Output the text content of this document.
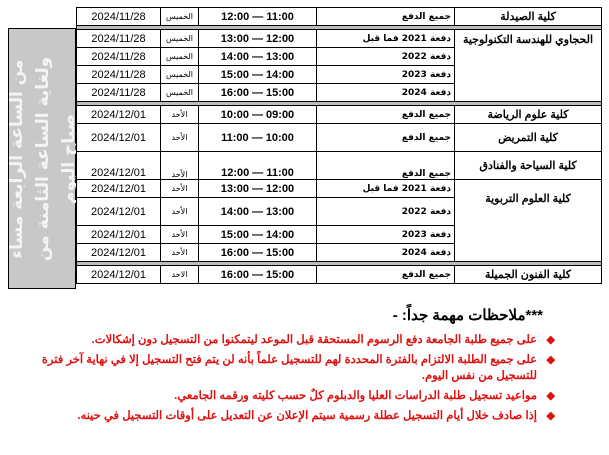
من الساعة الرابعة مساء ولغاية الساعة الثامنة من صباح اليوم
2024/11/28	الخميس	12:00 — 11:00	جميع الدفع	كلية الصيدلة

2024/11/28	الخميس	13:00 — 12:00	دفعة 2021 فما قبل	الحجاوي للهندسة التكنولوجية
2024/11/28	الخميس	14:00 — 13:00	دفعة 2022	
2024/11/28	الخميس	15:00 — 14:00	دفعة 2023	
2024/11/28	الخميس	16:00 — 15:00	دفعة 2024	

2024/12/01	الأحد	10:00 — 09:00	جميع الدفع	كلية علوم الرياضة
2024/12/01	الأحد	11:00 — 10:00	جميع الدفع	كلية التمريض
2024/12/01	الأحد	12:00 — 11:00	جميع الدفع	كلية السياحة والفنادق
2024/12/01	الأحد	13:00 — 12:00	دفعة 2021 فما قبل	كلية العلوم التربوية
2024/12/01	الأحد	14:00 — 13:00	دفعة 2022	
2024/12/01	الأحد	15:00 — 14:00	دفعة 2023	
2024/12/01	الأحد	16:00 — 15:00	دفعة 2024	

2024/12/01	الاحد	16:00 — 15:00	جميع الدفع	كلية الفنون الجميلة
***ملاحظات مهمة جداً: -
◆
على جميع طلبة الجامعة دفع الرسوم المستحقة قبل الموعد ليتمكنوا من التسجيل دون إشكالات.
◆
على جميع الطلبة الالتزام بالفترة المحددة لهم للتسجيل علماً بأنه لن يتم فتح التسجيل إلا في نهاية آخر فترة للتسجيل من نفس اليوم.
◆
مواعيد تسجيل طلبة الدراسات العليا والدبلوم كلٌ حسب كليته ورقمه الجامعي.
◆
إذا صادف خلال أيام التسجيل عطلة رسمية سيتم الإعلان عن التعديل على أوقات التسجيل في حينه.
